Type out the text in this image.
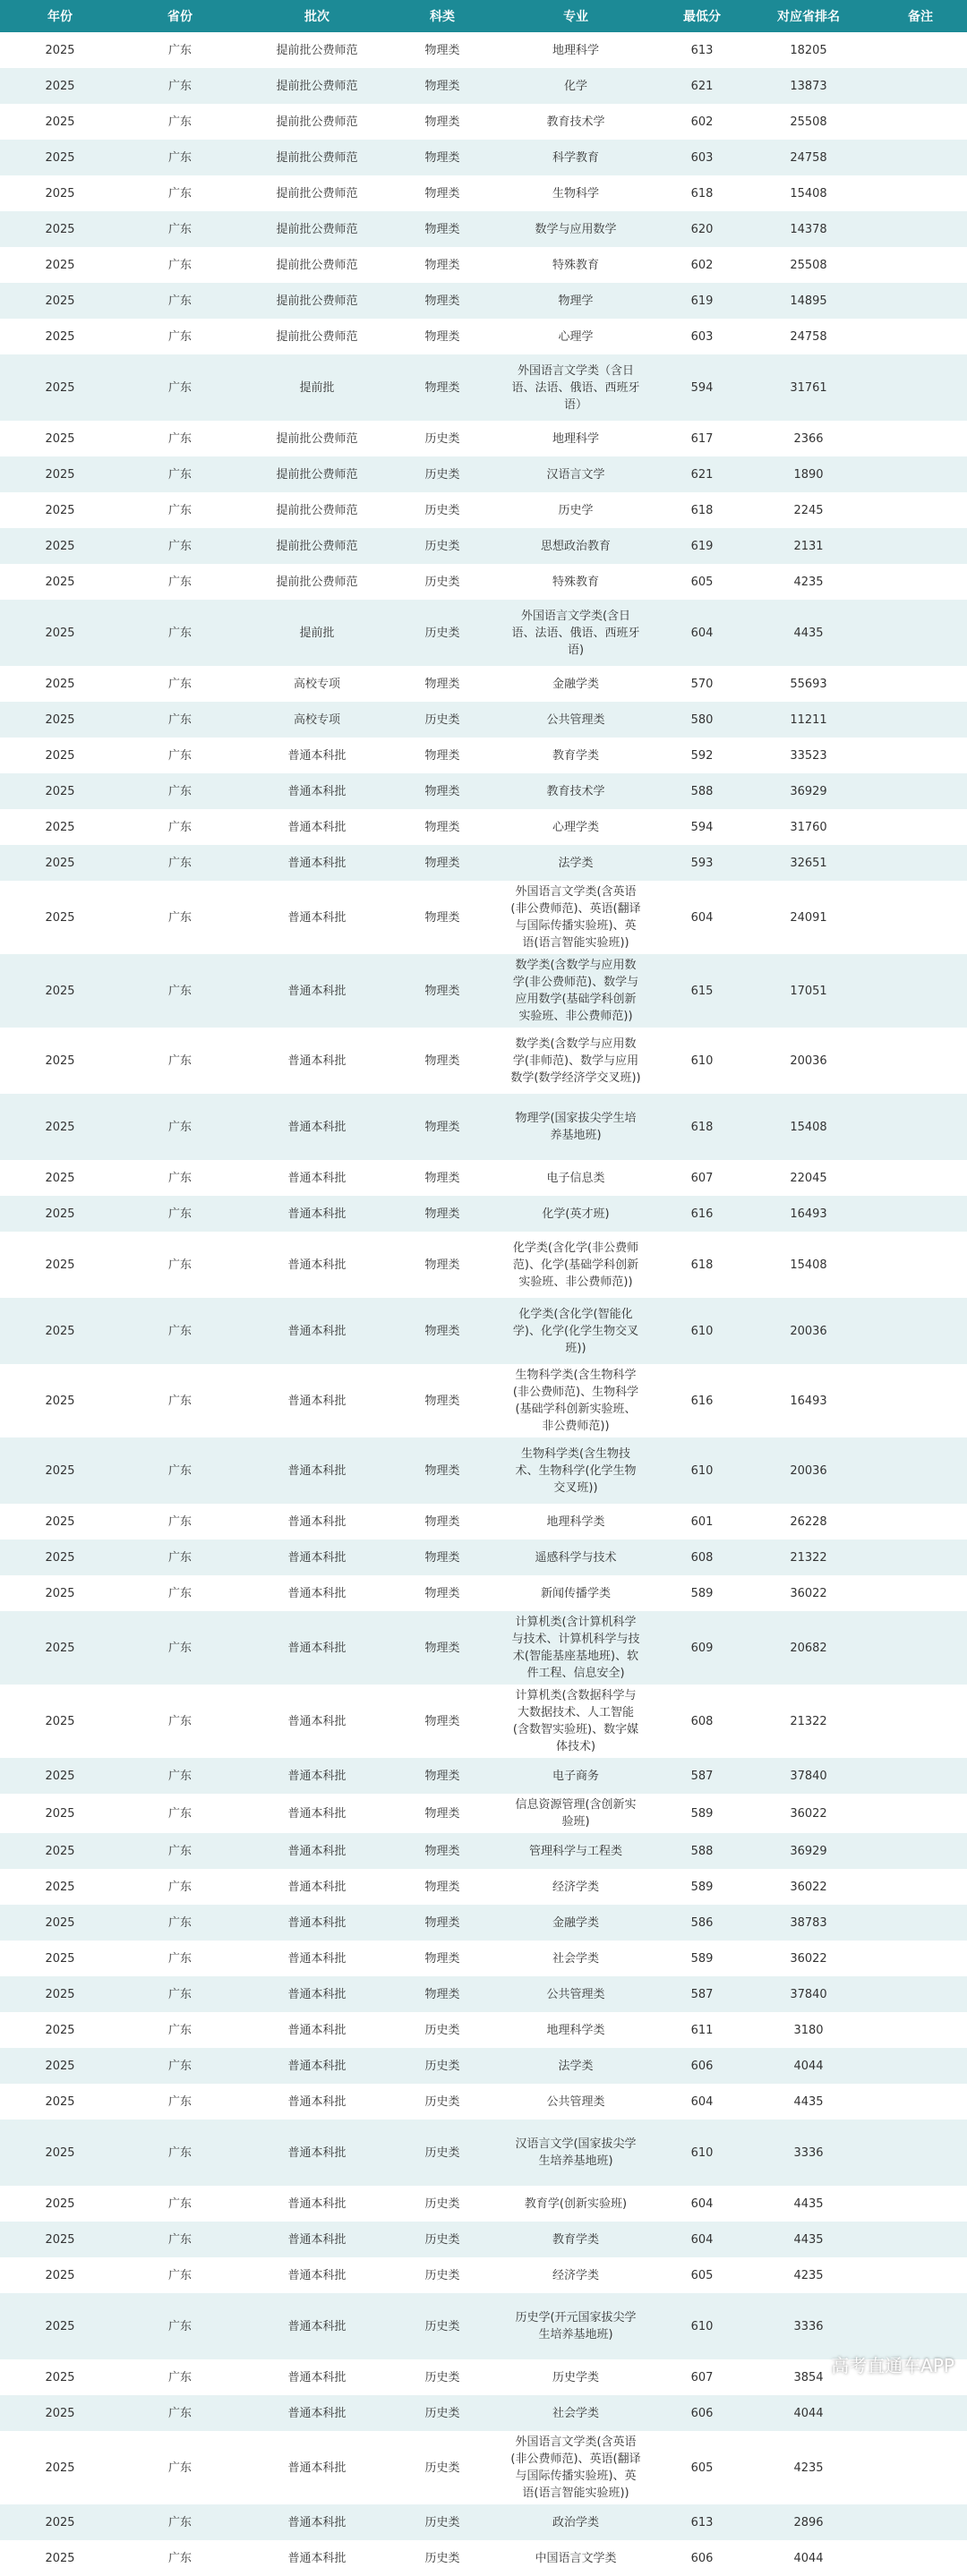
年份	省份	批次	科类	专业	最低分	对应省排名	备注
2025	广东	提前批公费师范	物理类	地理科学	613	18205	
2025	广东	提前批公费师范	物理类	化学	621	13873	
2025	广东	提前批公费师范	物理类	教育技术学	602	25508	
2025	广东	提前批公费师范	物理类	科学教育	603	24758	
2025	广东	提前批公费师范	物理类	生物科学	618	15408	
2025	广东	提前批公费师范	物理类	数学与应用数学	620	14378	
2025	广东	提前批公费师范	物理类	特殊教育	602	25508	
2025	广东	提前批公费师范	物理类	物理学	619	14895	
2025	广东	提前批公费师范	物理类	心理学	603	24758	
2025	广东	提前批	物理类	外国语言文学类（含日语、法语、俄语、西班牙语）	594	31761	
2025	广东	提前批公费师范	历史类	地理科学	617	2366	
2025	广东	提前批公费师范	历史类	汉语言文学	621	1890	
2025	广东	提前批公费师范	历史类	历史学	618	2245	
2025	广东	提前批公费师范	历史类	思想政治教育	619	2131	
2025	广东	提前批公费师范	历史类	特殊教育	605	4235	
2025	广东	提前批	历史类	外国语言文学类(含日语、法语、俄语、西班牙语)	604	4435	
2025	广东	高校专项	物理类	金融学类	570	55693	
2025	广东	高校专项	历史类	公共管理类	580	11211	
2025	广东	普通本科批	物理类	教育学类	592	33523	
2025	广东	普通本科批	物理类	教育技术学	588	36929	
2025	广东	普通本科批	物理类	心理学类	594	31760	
2025	广东	普通本科批	物理类	法学类	593	32651	
2025	广东	普通本科批	物理类	外国语言文学类(含英语(非公费师范)、英语(翻译与国际传播实验班)、英语(语言智能实验班))	604	24091	
2025	广东	普通本科批	物理类	数学类(含数学与应用数学(非公费师范)、数学与应用数学(基础学科创新实验班、非公费师范))	615	17051	
2025	广东	普通本科批	物理类	数学类(含数学与应用数学(非师范)、数学与应用数学(数学经济学交叉班))	610	20036	
2025	广东	普通本科批	物理类	物理学(国家拔尖学生培养基地班)	618	15408	
2025	广东	普通本科批	物理类	电子信息类	607	22045	
2025	广东	普通本科批	物理类	化学(英才班)	616	16493	
2025	广东	普通本科批	物理类	化学类(含化学(非公费师范)、化学(基础学科创新实验班、非公费师范))	618	15408	
2025	广东	普通本科批	物理类	化学类(含化学(智能化学)、化学(化学生物交叉班))	610	20036	
2025	广东	普通本科批	物理类	生物科学类(含生物科学(非公费师范)、生物科学(基础学科创新实验班、非公费师范))	616	16493	
2025	广东	普通本科批	物理类	生物科学类(含生物技术、生物科学(化学生物交叉班))	610	20036	
2025	广东	普通本科批	物理类	地理科学类	601	26228	
2025	广东	普通本科批	物理类	遥感科学与技术	608	21322	
2025	广东	普通本科批	物理类	新闻传播学类	589	36022	
2025	广东	普通本科批	物理类	计算机类(含计算机科学与技术、计算机科学与技术(智能基座基地班)、软件工程、信息安全)	609	20682	
2025	广东	普通本科批	物理类	计算机类(含数据科学与大数据技术、人工智能(含数智实验班)、数字媒体技术)	608	21322	
2025	广东	普通本科批	物理类	电子商务	587	37840	
2025	广东	普通本科批	物理类	信息资源管理(含创新实验班)	589	36022	
2025	广东	普通本科批	物理类	管理科学与工程类	588	36929	
2025	广东	普通本科批	物理类	经济学类	589	36022	
2025	广东	普通本科批	物理类	金融学类	586	38783	
2025	广东	普通本科批	物理类	社会学类	589	36022	
2025	广东	普通本科批	物理类	公共管理类	587	37840	
2025	广东	普通本科批	历史类	地理科学类	611	3180	
2025	广东	普通本科批	历史类	法学类	606	4044	
2025	广东	普通本科批	历史类	公共管理类	604	4435	
2025	广东	普通本科批	历史类	汉语言文学(国家拔尖学生培养基地班)	610	3336	
2025	广东	普通本科批	历史类	教育学(创新实验班)	604	4435	
2025	广东	普通本科批	历史类	教育学类	604	4435	
2025	广东	普通本科批	历史类	经济学类	605	4235	
2025	广东	普通本科批	历史类	历史学(开元国家拔尖学生培养基地班)	610	3336	
2025	广东	普通本科批	历史类	历史学类	607	3854	
2025	广东	普通本科批	历史类	社会学类	606	4044	
2025	广东	普通本科批	历史类	外国语言文学类(含英语(非公费师范)、英语(翻译与国际传播实验班)、英语(语言智能实验班))	605	4235	
2025	广东	普通本科批	历史类	政治学类	613	2896	
2025	广东	普通本科批	历史类	中国语言文学类	606	4044	
高考直通车APP
